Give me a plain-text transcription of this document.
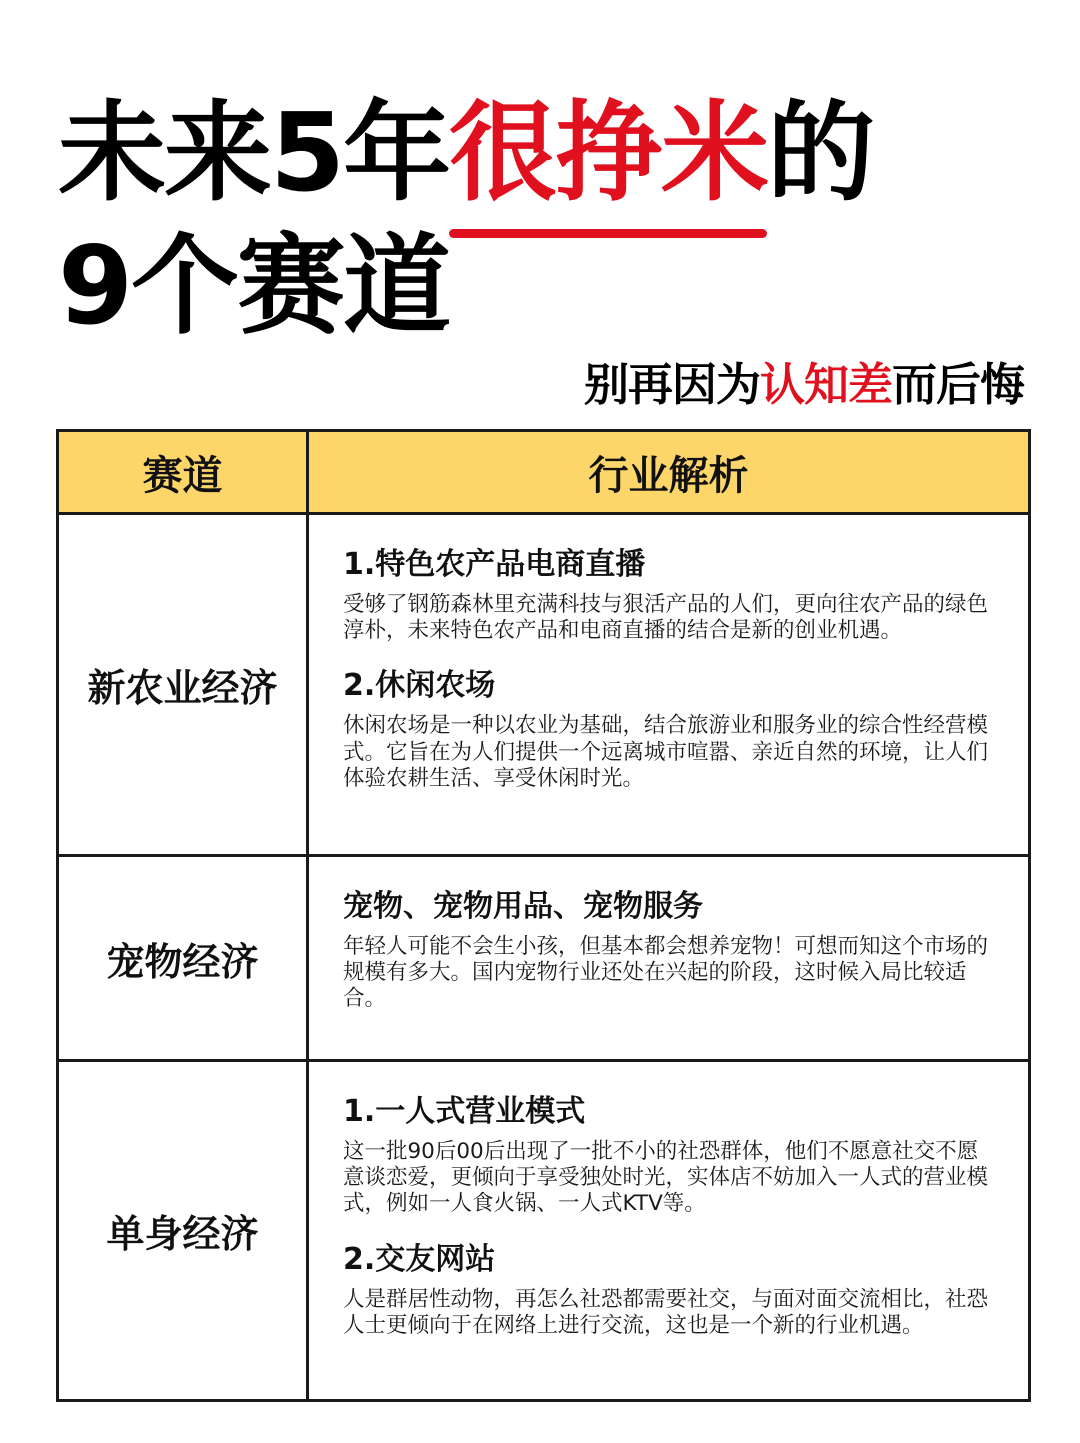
未来5年很挣米
的
9个赛道
别再因为认知差而后悔
赛道	行业解析
新农业经济	1.特色农产品电商直播

受够了钢筋森林里充满科技与狠活产品的人们，更向往农产品的绿色淳朴，未来特色农产品和电商直播的结合是新的创业机遇。

2.休闲农场

休闲农场是一种以农业为基础，结合旅游业和服务业的综合性经营模式。它旨在为人们提供一个远离城市喧嚣、亲近自然的环境，让人们体验农耕生活、享受休闲时光。

宠物经济	宠物、宠物用品、宠物服务

年轻人可能不会生小孩，但基本都会想养宠物！可想而知这个市场的规模有多大。国内宠物行业还处在兴起的阶段，这时候入局比较适合。

单身经济	1.一人式营业模式

这一批90后00后出现了一批不小的社恐群体，他们不愿意社交不愿意谈恋爱，更倾向于享受独处时光，实体店不妨加入一人式的营业模式，例如一人食火锅、一人式KTV等。

2.交友网站

人是群居性动物，再怎么社恐都需要社交，与面对面交流相比，社恐人士更倾向于在网络上进行交流，这也是一个新的行业机遇。
